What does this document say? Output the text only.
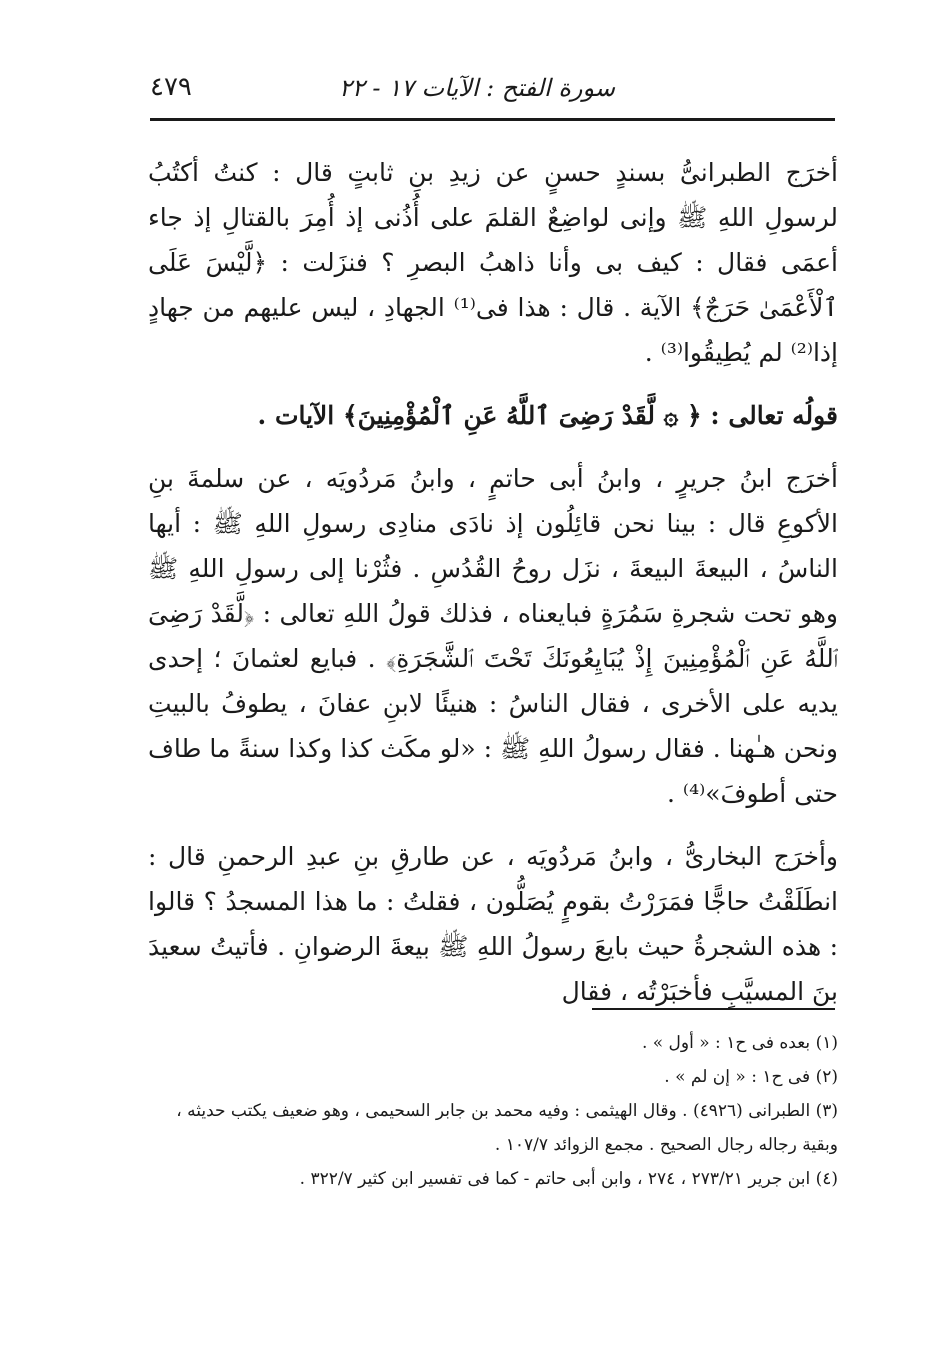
سورة الفتح : الآيات ١٧ - ٢٢
٤٧٩

أخرَج الطبرانىُّ بسندٍ حسنٍ عن زيدِ بنِ ثابتٍ قال : كنتُ أكتُبُ لرسولِ اللهِ ﷺ وإنى لواضِعٌ القلمَ على أُذُنى إذ أُمِرَ بالقتالِ إذ جاء أعمَى فقال : كيف بى وأنا ذاهبُ البصرِ ؟ فنزَلت : ﴿لَّيْسَ عَلَى ٱلْأَعْمَىٰ حَرَجٌ﴾ الآية . قال : هذا فى⁽¹⁾ الجهادِ ، ليس عليهم من جهادٍ إذا⁽²⁾ لم يُطِيقُوا⁽³⁾ .

قولُه تعالى : ﴿ ۞ لَّقَدْ رَضِىَ ٱللَّهُ عَنِ ٱلْمُؤْمِنِينَ﴾ الآيات .

أخرَج ابنُ جريرٍ ، وابنُ أبى حاتمٍ ، وابنُ مَردُويَه ، عن سلمةَ بنِ الأكوعِ قال : بينا نحن قائِلُون إذ نادَى منادِى رسولِ اللهِ ﷺ : أيها الناسُ ، البيعةَ البيعةَ ، نزَل روحُ القُدُسِ . فثُرْنا إلى رسولِ اللهِ ﷺ وهو تحت شجرةِ سَمُرَةٍ فبايعناه ، فذلك قولُ اللهِ تعالى : ﴿لَّقَدْ رَضِىَ ٱللَّهُ عَنِ ٱلْمُؤْمِنِينَ إِذْ يُبَايِعُونَكَ تَحْتَ ٱلشَّجَرَةِ﴾ . فبايع لعثمانَ ؛ إحدى يديه على الأخرى ، فقال الناسُ : هنيئًا لابنِ عفانَ ، يطوفُ بالبيتِ ونحن هـٰهنا . فقال رسولُ اللهِ ﷺ : «لو مكَث كذا وكذا سنةً ما طاف حتى أطوفَ»⁽⁴⁾ .

وأخرَج البخارىُّ ، وابنُ مَردُويَه ، عن طارقِ بنِ عبدِ الرحمنِ قال : انطَلَقْتُ حاجًّا فمَرَرْتُ بقومٍ يُصَلُّون ، فقلتُ : ما هذا المسجدُ ؟ قالوا : هذه الشجرةُ حيث بايعَ رسولُ اللهِ ﷺ بيعةَ الرضوانِ . فأتيتُ سعيدَ بنَ المسيَّبِ فأخبَرْتُه ، فقال

(١) بعده فى ح١ : « أول » .

(٢) فى ح١ : « إن لم » .

(٣) الطبرانى (٤٩٢٦) . وقال الهيثمى : وفيه محمد بن جابر السحيمى ، وهو ضعيف يكتب حديثه ، وبقية رجاله رجال الصحيح . مجمع الزوائد ١٠٧/٧ .

(٤) ابن جرير ٢٧٣/٢١ ، ٢٧٤ ، وابن أبى حاتم - كما فى تفسير ابن كثير ٣٢٢/٧ .
